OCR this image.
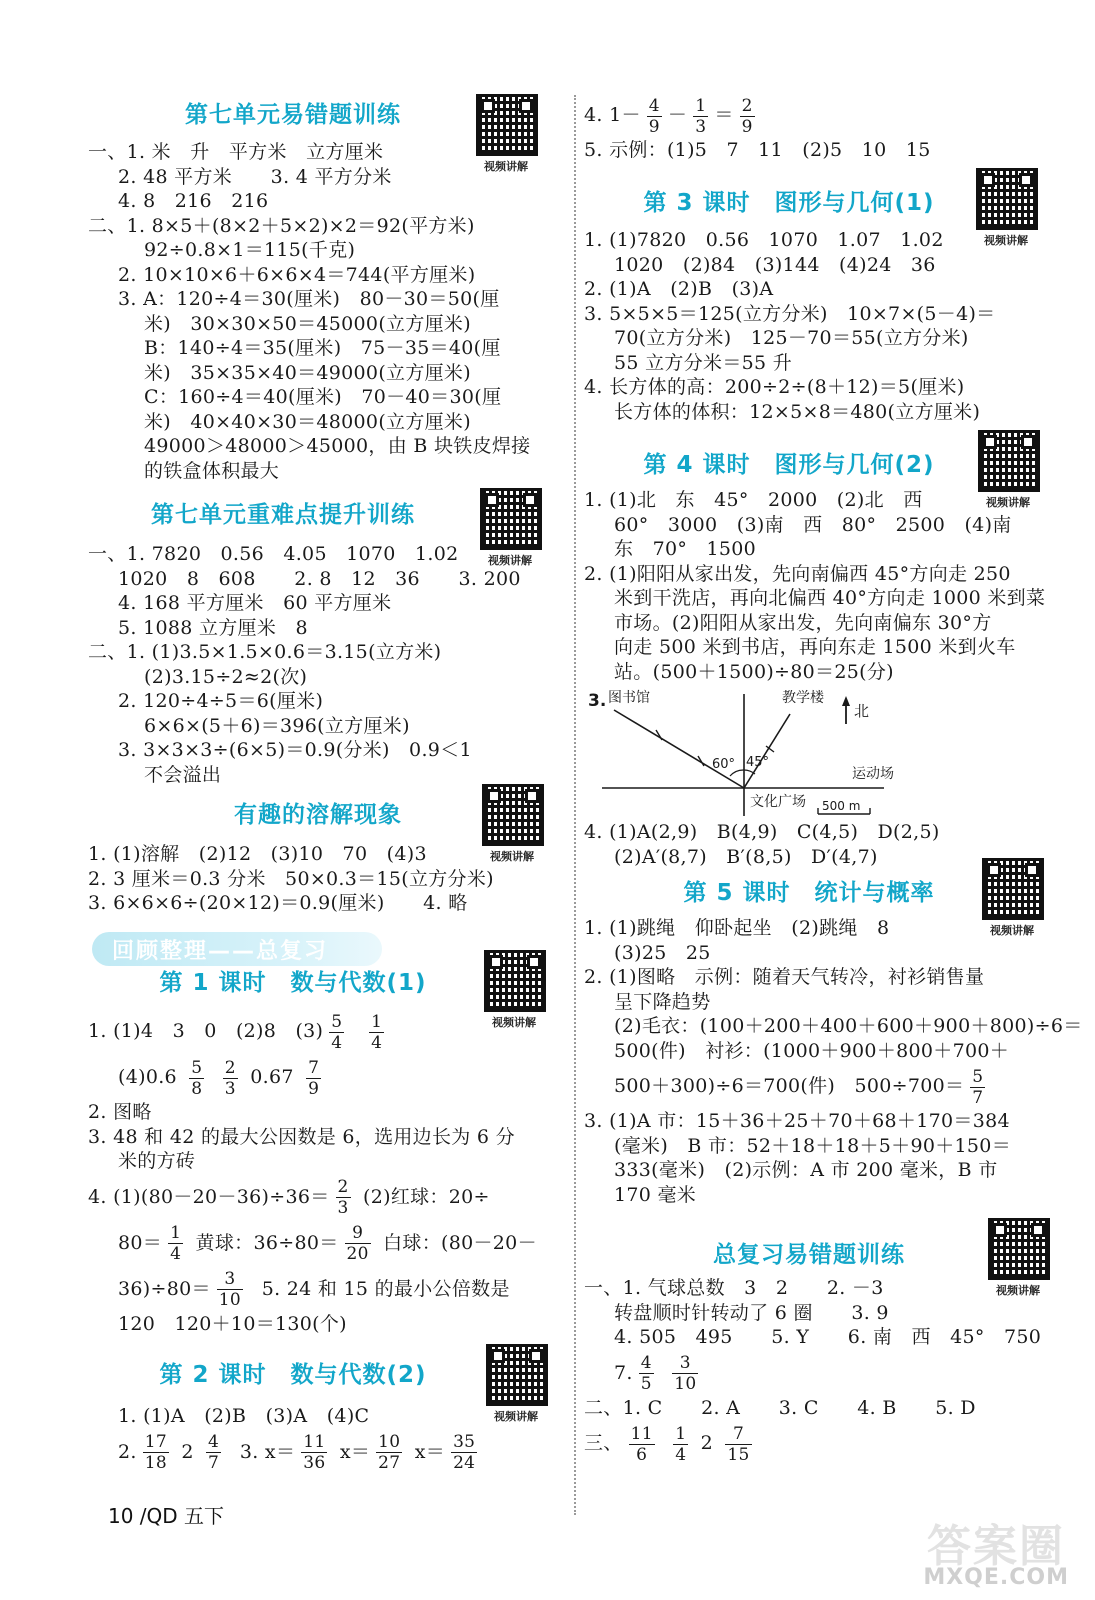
第七单元易错题训练
视频讲解
一、1. 米　升　平方米　立方厘米
2. 48 平方米　　3. 4 平方分米
4. 8　216　216
二、1. 8×5＋(8×2＋5×2)×2＝92(平方米)
92÷0.8×1＝115(千克)
2. 10×10×6＋6×6×4＝744(平方厘米)
3. A：120÷4＝30(厘米)　80－30＝50(厘
米)　30×30×50＝45000(立方厘米)
B：140÷4＝35(厘米)　75－35＝40(厘
米)　35×35×40＝49000(立方厘米)
C：160÷4＝40(厘米)　70－40＝30(厘
米)　40×40×30＝48000(立方厘米)
49000＞48000＞45000，由 B 块铁皮焊接
的铁盒体积最大
第七单元重难点提升训练
视频讲解
一、1. 7820　0.56　4.05　1070　1.02
1020　8　608　　2. 8　12　36　　3. 200
4. 168 平方厘米　60 平方厘米
5. 1088 立方厘米　8
二、1. (1)3.5×1.5×0.6＝3.15(立方米)
(2)3.15÷2≈2(次)
2. 120÷4÷5＝6(厘米)
6×6×(5＋6)＝396(立方厘米)
3. 3×3×3÷(6×5)＝0.9(分米)　0.9＜1
不会溢出
有趣的溶解现象
视频讲解
1. (1)溶解　(2)12　(3)10　70　(4)3
2. 3 厘米＝0.3 分米　50×0.3＝15(立方分米)
3. 6×6×6÷(20×12)＝0.9(厘米)　　4. 略
回顾整理——总复习
第 1 课时　数与代数(1)
视频讲解
1. (1)4　3　0　(2)8　$(3) \frac{5}{4}$
$\frac{1}{4}$
$(4)0.6 \frac{5}{8}$
$\frac{2}{3} 0.67 \frac{7}{9}$
2. 图略
3. 48 和 42 的最大公因数是 6，选用边长为 6 分
米的方砖
4. $(1)(80-20-36)\div 36= \frac{2}{3} (2)$红球：20÷
$80= \frac{1}{4}$ 黄球：$36\div 80= \frac{9}{20}$ 白球：(80－20－
$36)\div 80= \frac{3}{10} 5$. 24 和 15 的最小公倍数是
120　120＋10＝130(个)
第 2 课时　数与代数(2)
视频讲解
1. (1)A　(2)B　(3)A　(4)C
2. $\frac{17}{18} 2 \frac{4}{7} 3$. $x= \frac{11}{36} x= \frac{10}{27} x= \frac{35}{24}$
4. $1- \frac{4}{9} - \frac{1}{3} = \frac{2}{9}$
5. 示例：(1)5　7　11　(2)5　10　15
第 3 课时　图形与几何(1)
视频讲解
1. (1)7820　0.56　1070　1.07　1.02
1020　(2)84　(3)144　(4)24　36
2. (1)A　(2)B　(3)A
3. 5×5×5＝125(立方分米)　10×7×(5－4)＝
70(立方分米)　125－70＝55(立方分米)
55 立方分米＝55 升
4. 长方体的高：200÷2÷(8＋12)＝5(厘米)
长方体的体积：12×5×8＝480(立方厘米)
第 4 课时　图形与几何(2)
视频讲解
1. (1)北　东　45°　2000　(2)北　西
60°　3000　(3)南　西　80°　2500　(4)南
东　70°　1500
2. (1)阳阳从家出发，先向南偏西 45°方向走 250
米到干洗店，再向北偏西 40°方向走 1000 米到菜
市场。(2)阳阳从家出发，先向南偏东 30°方
向走 500 米到书店，再向东走 1500 米到火车
站。(500＋1500)÷80＝25(分)
3. 图书馆	教学楼
北
60° 45°
运动场
文化广场 500 m
4. (1)A(2,9)　B(4,9)　C(4,5)　D(2,5)
(2)A′(8,7)　B′(8,5)　D′(4,7)
第 5 课时　统计与概率
视频讲解
1. (1)跳绳　仰卧起坐　(2)跳绳　8
(3)25　25
2. (1)图略　示例：随着天气转冷，衬衫销售量
呈下降趋势
(2)毛衣：(100＋200＋400＋600＋900＋800)÷6＝
500(件)　衬衫：(1000＋900＋800＋700＋
500＋300)÷6＝700(件)　$500\div 700= \frac{5}{7}$
3. (1)A 市：15＋36＋25＋70＋68＋170＝384
(毫米)　B 市：52＋18＋18＋5＋90＋150＝
333(毫米)　(2)示例：A 市 200 毫米，B 市
170 毫米
总复习易错题训练
视频讲解
一、1. 气球总数　3　2　　2. －3
转盘顺时针转动了 6 圈　　3. 9
4. 505　495　　5. Y　　6. 南　西　45°　750
7. $\frac{4}{5}$
$\frac{3}{10}$
二、1. C　　2. A　　3. C　　4. B　　5. D
三、 $\frac{11}{6}$
$\frac{1}{4} 2 \frac{7}{15}$
10 /QD 五下
答案圈
MXQE.COM
